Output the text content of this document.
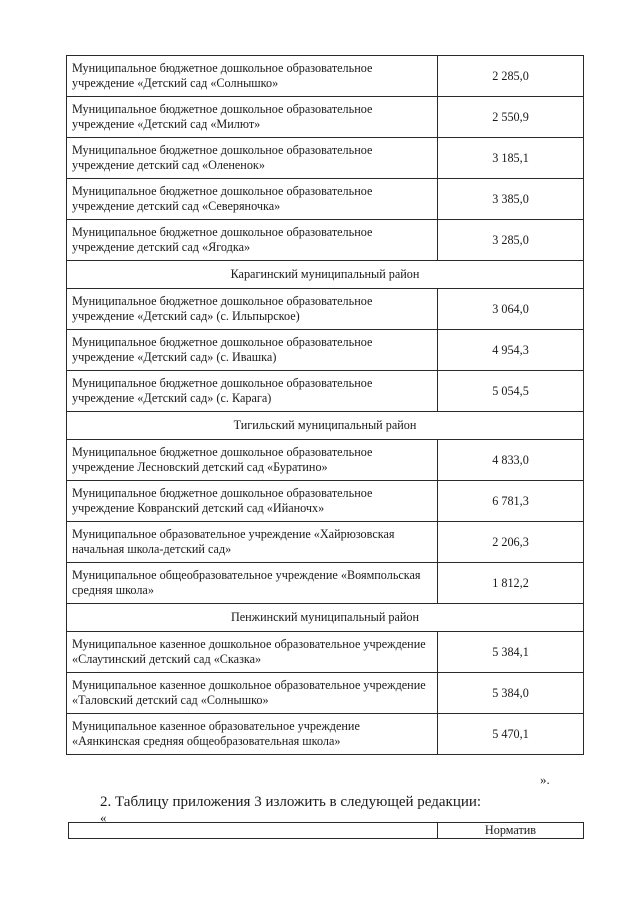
Муниципальное бюджетное дошкольное образовательное учреждение «Детский сад «Солнышко»	2 285,0
Муниципальное бюджетное дошкольное образовательное учреждение «Детский сад «Милют»	2 550,9
Муниципальное бюджетное дошкольное образовательное учреждение детский сад «Олененок»	3 185,1
Муниципальное бюджетное дошкольное образовательное учреждение детский сад «Северяночка»	3 385,0
Муниципальное бюджетное дошкольное образовательное учреждение детский сад «Ягодка»	3 285,0
Карагинский муниципальный район	
Муниципальное бюджетное дошкольное образовательное учреждение «Детский сад» (с. Ильпырское)	3 064,0
Муниципальное бюджетное дошкольное образовательное учреждение «Детский сад» (с. Ивашка)	4 954,3
Муниципальное бюджетное дошкольное образовательное учреждение «Детский сад» (с. Карага)	5 054,5
Тигильский муниципальный район	
Муниципальное бюджетное дошкольное образовательное учреждение Лесновский детский сад «Буратино»	4 833,0
Муниципальное бюджетное дошкольное образовательное учреждение Ковранский детский сад «Ийаночх»	6 781,3
Муниципальное образовательное учреждение «Хайрюзовская начальная школа-детский сад»	2 206,3
Муниципальное общеобразовательное учреждение «Воямпольская средняя школа»	1 812,2
Пенжинский муниципальный район	
Муниципальное казенное дошкольное образовательное учреждение «Слаутинский детский сад «Сказка»	5 384,1
Муниципальное казенное дошкольное образовательное учреждение «Таловский детский сад «Солнышко»	5 384,0
Муниципальное казенное образовательное учреждение «Аянкинская средняя общеобразовательная школа»	5 470,1
».
2. Таблицу приложения 3 изложить в следующей редакции:
«
	Норматив
